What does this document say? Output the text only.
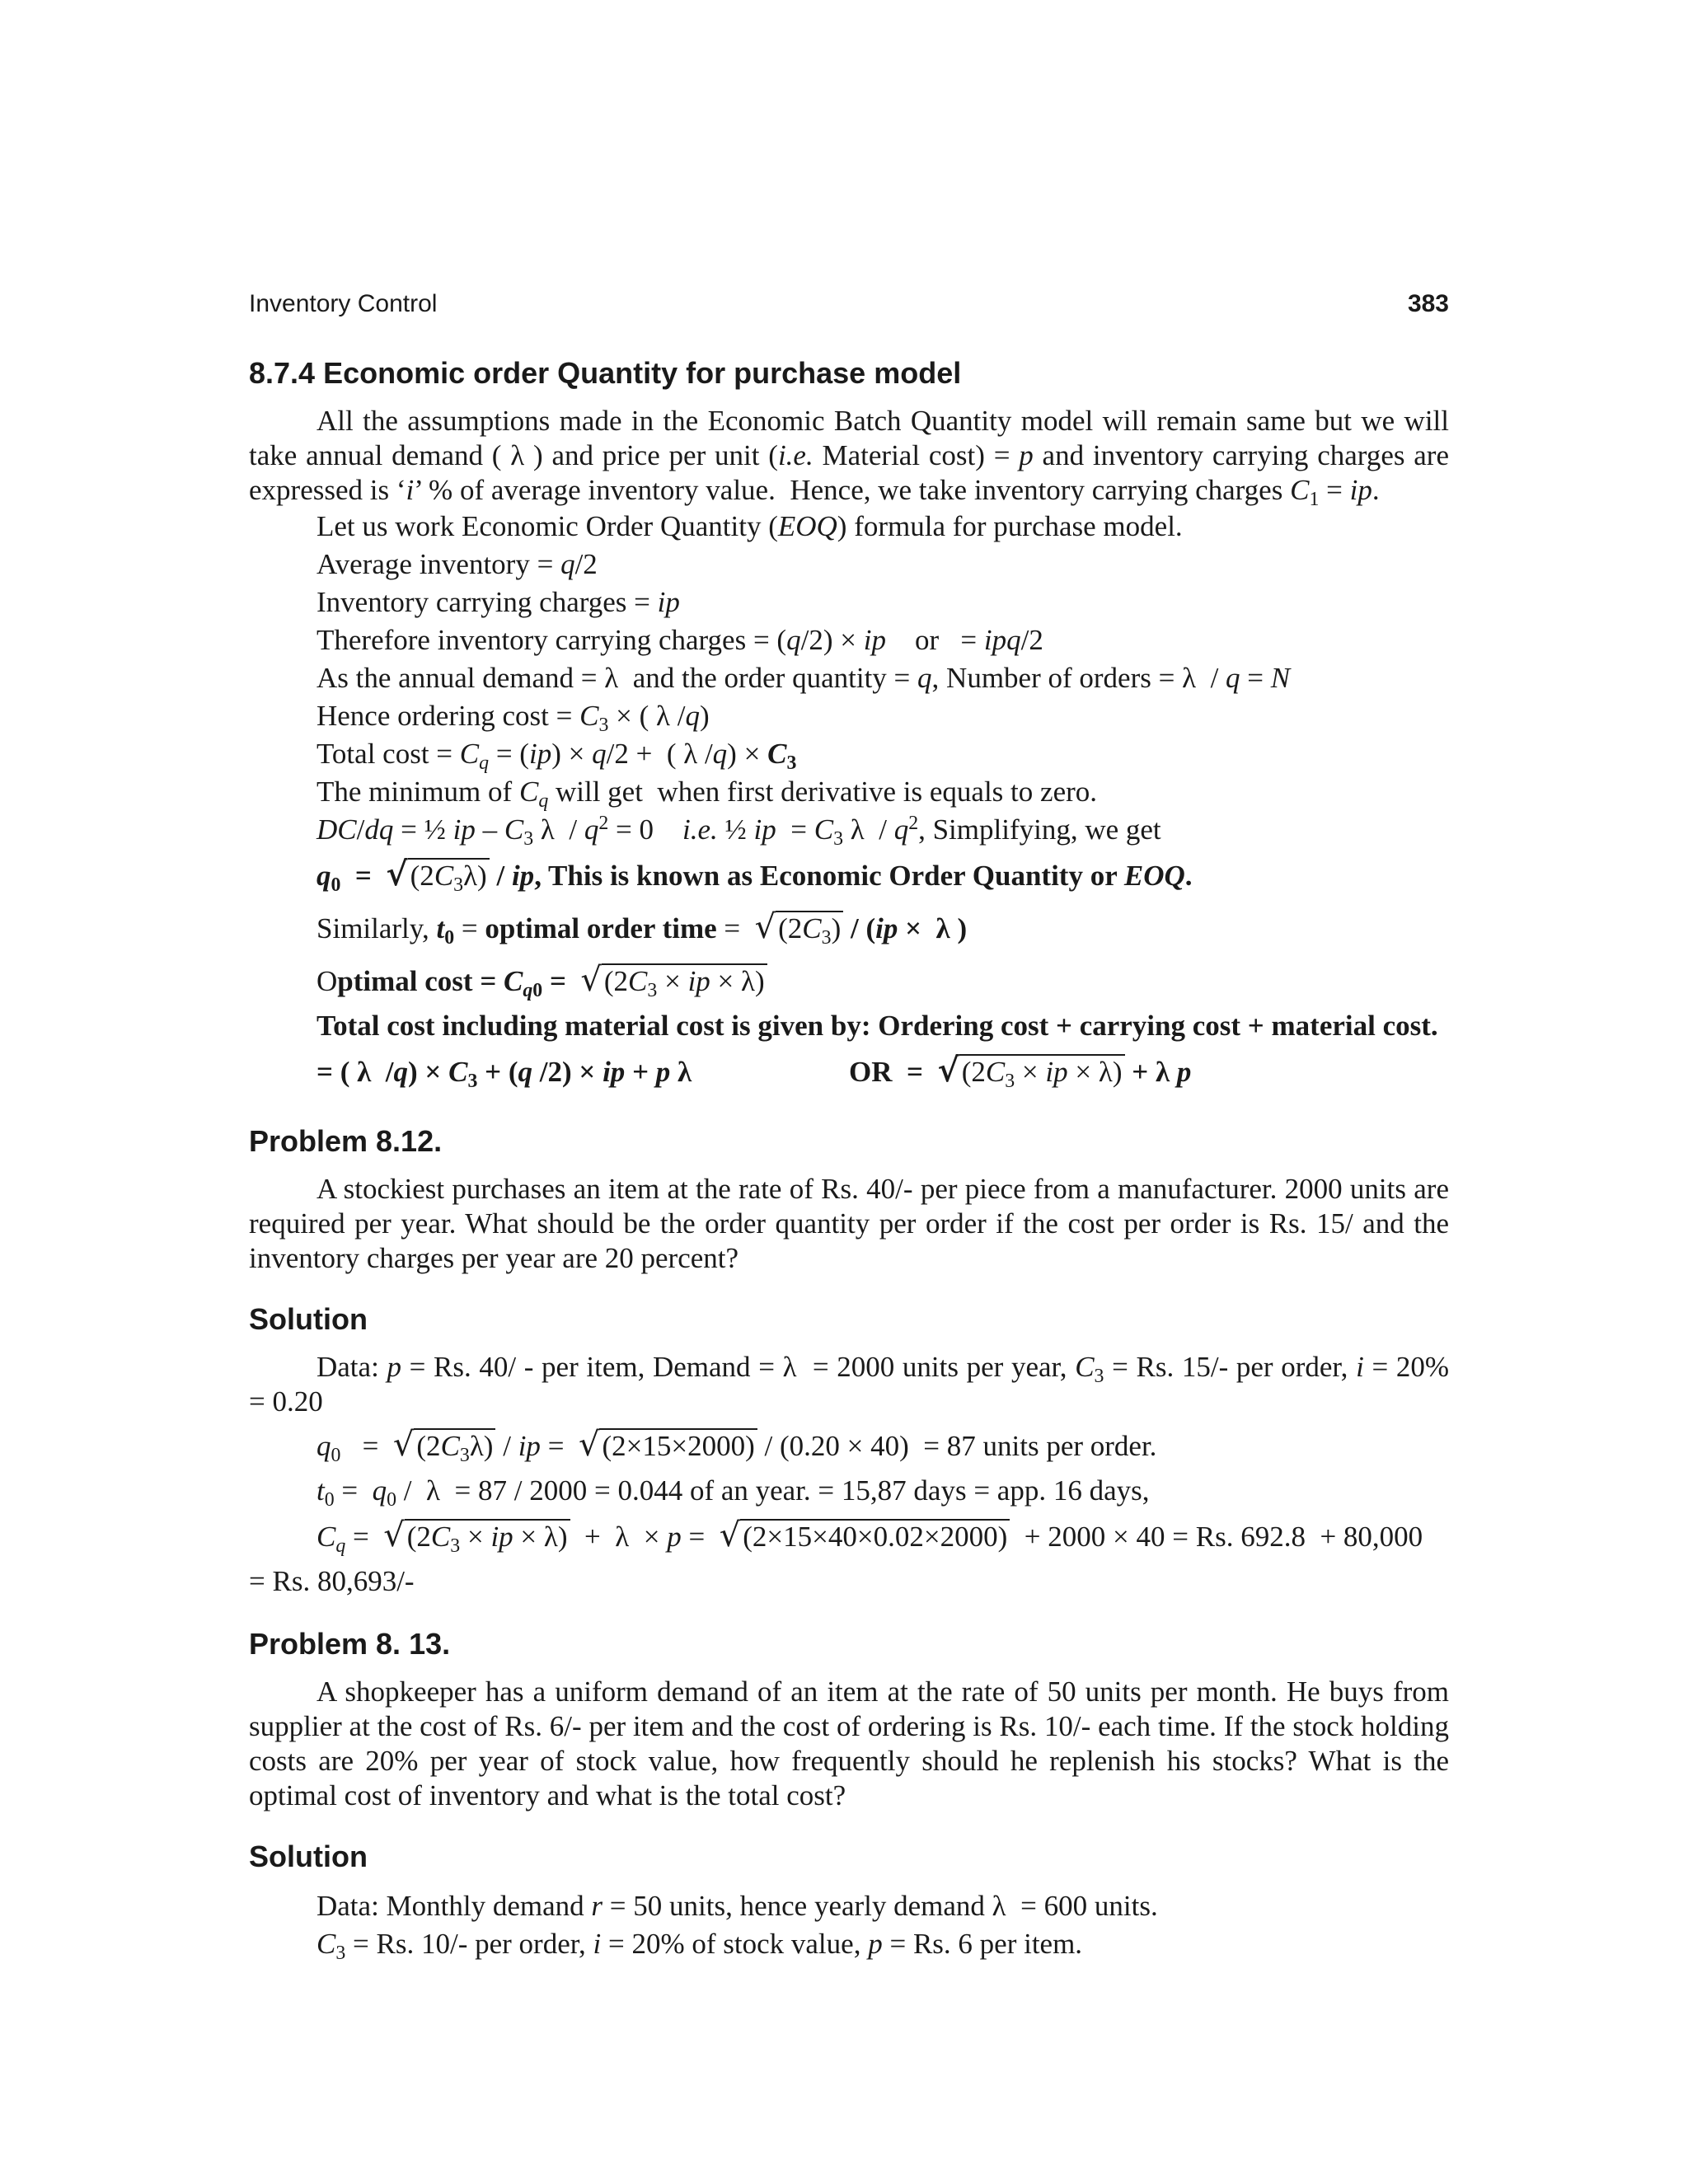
Inventory Control	383
8.7.4 Economic order Quantity for purchase model

All the assumptions made in the Economic Batch Quantity model will remain same but we will take annual demand ( λ ) and price per unit (i.e. Material cost) = p and inventory carrying charges are expressed is ‘i’ % of average inventory value.  Hence, we take inventory carrying charges $C_1$ = ip.

Let us work Economic Order Quantity (EOQ) formula for purchase model.
Average inventory = q/2
Inventory carrying charges = ip
Therefore inventory carrying charges = (q/2) × ip    or   = ipq/2
As the annual demand = λ  and the order quantity = q, Number of orders = λ  / q = N
Hence ordering $\cos t = C_3$ × ( λ /q)
Total $\cos t = C_q = (ip) \times q/2$ +  ( λ $/q) \times C_3$
The minimum of $C_q$ will get  when first derivative is equals to zero.
DC/dq = ½ ip – $C_3$ $\lambda / q^2 = 0$    i.e. ½ ip  = $C_3$ λ  / $q^2$, Simplifying, we get
$q_0 = √(2C_3\lambda)$ / ip, This is known as Economic Order Quantity or EOQ.
Similarly, $t_0$ = optimal order time =  $√(2C_3) / (ip \times \lambda$ )
Optimal $\cos t = C_{q0} = √(2C_3$ × ip × λ)
Total cost including material cost is given by: Ordering cost + carrying cost + material cost.
= ( λ  $/q) \times C_3 + (q$ /2) × ip + p λ	OR  =  $√(2C_3$ × ip × λ) + λ p
Problem 8.12.

A stockiest purchases an item at the rate of Rs. 40/- per piece from a manufacturer. 2000 units are required per year. What should be the order quantity per order if the cost per order is Rs. 15/ and the inventory charges per year are 20 percent?

Solution

Data: p = Rs. 40/ - per item, Demand = λ  = 2000 units per year, $C_3 = Rs$. 15/- per order, i = 20% = 0.20

$q_0 = √(2C_3\lambda)$ / ip =  √(2×15×2000) / (0.20 × 40)  = 87 units per order.
$t_0 = q_0 / \lambda = 87 / 2000 = 0.044$ of an year. = 15,87 days = app. 16 days,
$C_q = √(2C_3$ × ip × λ)  +  λ  × p =  √(2×15×40×0.02×2000)  + 2000 × 40 = Rs. 692.8  + 80,000
= Rs. 80,693/-
Problem 8. 13.

A shopkeeper has a uniform demand of an item at the rate of 50 units per month. He buys from supplier at the cost of Rs. 6/- per item and the cost of ordering is Rs. 10/- each time. If the stock holding costs are 20% per year of stock value, how frequently should he replenish his stocks? What is the optimal cost of inventory and what is the total cost?

Solution
Data: Monthly demand r = 50 units, hence yearly demand λ  = 600 units.
$C_3 = Rs$. 10/- per order, i = 20% of stock value, p = Rs. 6 per item.
